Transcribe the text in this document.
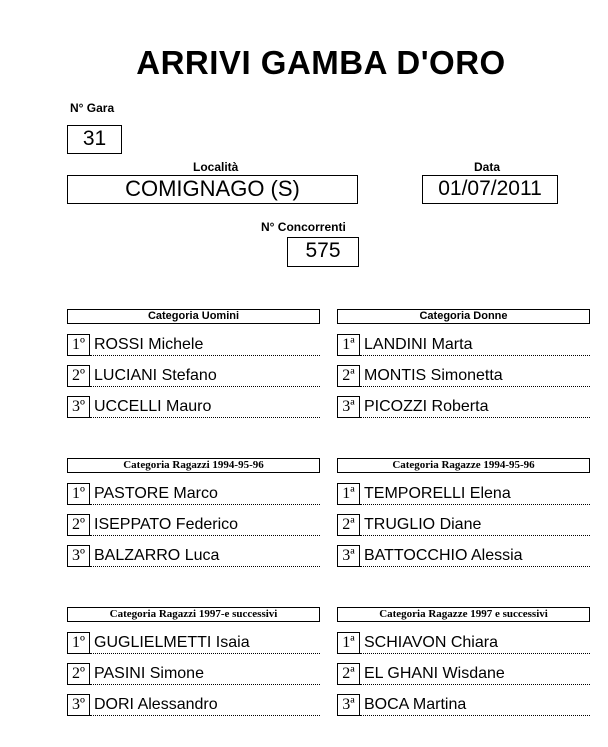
ARRIVI GAMBA D'ORO
N° Gara
31
Località
COMIGNAGO (S)
Data
01/07/2011
N° Concorrenti
575
Categoria Uomini
1º ROSSI Michele
2º LUCIANI Stefano
3º UCCELLI Mauro
Categoria Donne
1ª LANDINI Marta
2ª MONTIS Simonetta
3ª PICOZZI Roberta
Categoria Ragazzi 1994-95-96
1º PASTORE Marco
2º ISEPPATO Federico
3º BALZARRO Luca
Categoria Ragazze 1994-95-96
1ª TEMPORELLI Elena
2ª TRUGLIO Diane
3ª BATTOCCHIO Alessia
Categoria Ragazzi 1997-e successivi
1º GUGLIELMETTI Isaia
2º PASINI Simone
3º DORI Alessandro
Categoria Ragazze 1997 e successivi
1ª SCHIAVON Chiara
2ª EL GHANI Wisdane
3ª BOCA Martina
